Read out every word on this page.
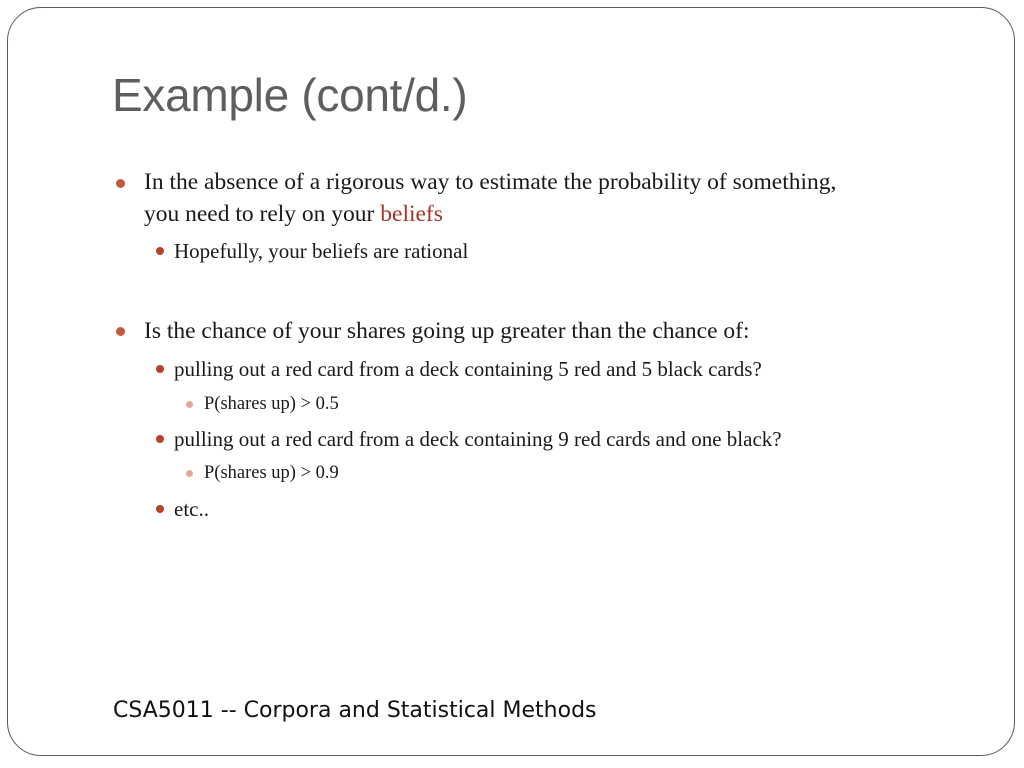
Example (cont/d.)
In the absence of a rigorous way to estimate the probability of something,
you need to rely on your beliefs
Hopefully, your beliefs are rational
Is the chance of your shares going up greater than the chance of:
pulling out a red card from a deck containing 5 red and 5 black cards?
P(shares up) > 0.5
pulling out a red card from a deck containing 9 red cards and one black?
P(shares up) > 0.9
etc..
CSA5011 -- Corpora and Statistical Methods
